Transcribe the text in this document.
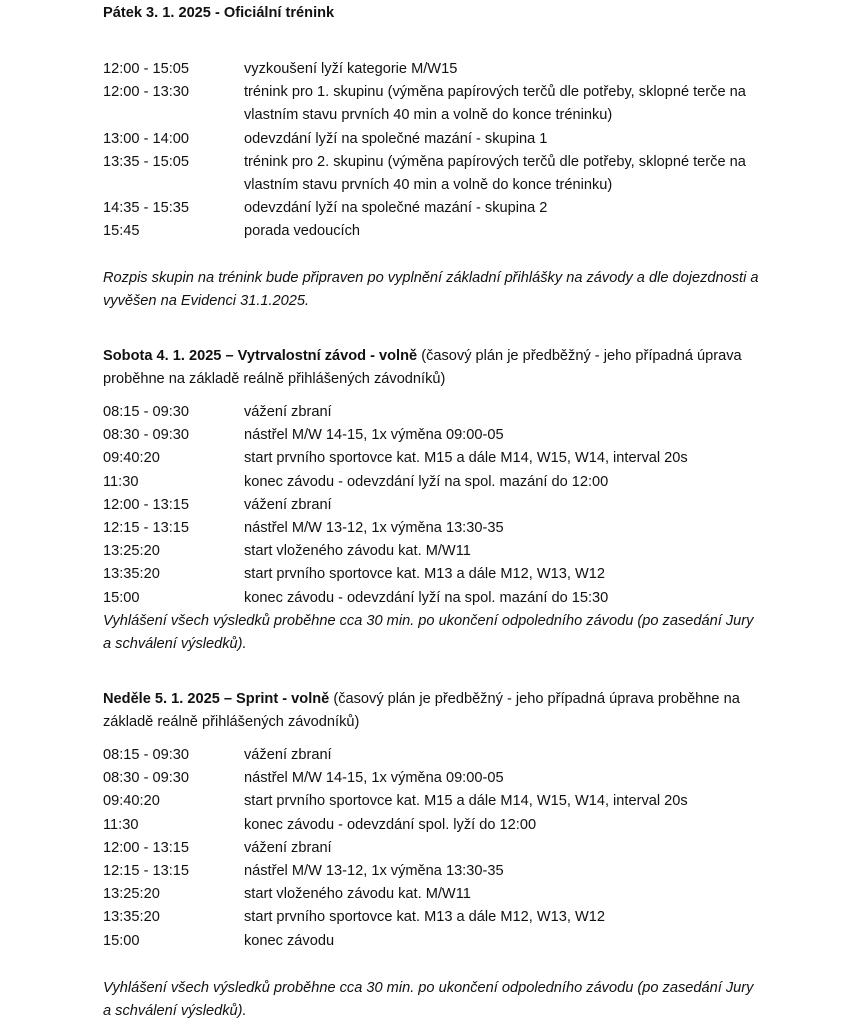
Pátek 3. 1. 2025 - Oficiální trénink

12:00 - 15:05	vyzkoušení lyží kategorie M/W15
12:00 - 13:30	trénink pro 1. skupinu (výměna papírových terčů dle potřeby, sklopné terče na vlastním stavu prvních 40 min a volně do konce tréninku)
13:00 - 14:00	odevzdání lyží na společné mazání - skupina 1
13:35 - 15:05	trénink pro 2. skupinu (výměna papírových terčů dle potřeby, sklopné terče na vlastním stavu prvních 40 min a volně do konce tréninku)
14:35 - 15:35	odevzdání lyží na společné mazání - skupina 2
15:45	porada vedoucích

Rozpis skupin na trénink bude připraven po vyplnění základní přihlášky na závody a dle dojezdnosti a vyvěšen na Evidenci 31.1.2025.

Sobota 4. 1. 2025 – Vytrvalostní závod - volně (časový plán je předběžný - jeho případná úprava proběhne na základě reálně přihlášených závodníků)

08:15 - 09:30	vážení zbraní
08:30 - 09:30	nástřel M/W 14-15, 1x výměna 09:00-05
09:40:20	start prvního sportovce kat. M15 a dále M14, W15, W14, interval 20s
11:30	konec závodu - odevzdání lyží na spol. mazání do 12:00
12:00 - 13:15	vážení zbraní
12:15 - 13:15	nástřel M/W 13-12, 1x výměna 13:30-35
13:25:20	start vloženého závodu kat. M/W11
13:35:20	start prvního sportovce kat. M13 a dále M12, W13, W12
15:00	konec závodu - odevzdání lyží na spol. mazání do 15:30

Vyhlášení všech výsledků proběhne cca 30 min. po ukončení odpoledního závodu (po zasedání Jury a schválení výsledků).

Neděle 5. 1. 2025 – Sprint - volně (časový plán je předběžný - jeho případná úprava proběhne na základě reálně přihlášených závodníků)

08:15 - 09:30	vážení zbraní
08:30 - 09:30	nástřel M/W 14-15, 1x výměna 09:00-05
09:40:20	start prvního sportovce kat. M15 a dále M14, W15, W14, interval 20s
11:30	konec závodu - odevzdání spol. lyží do 12:00
12:00 - 13:15	vážení zbraní
12:15 - 13:15	nástřel M/W 13-12, 1x výměna 13:30-35
13:25:20	start vloženého závodu kat. M/W11
13:35:20	start prvního sportovce kat. M13 a dále M12, W13, W12
15:00	konec závodu

Vyhlášení všech výsledků proběhne cca 30 min. po ukončení odpoledního závodu (po zasedání Jury a schválení výsledků).
